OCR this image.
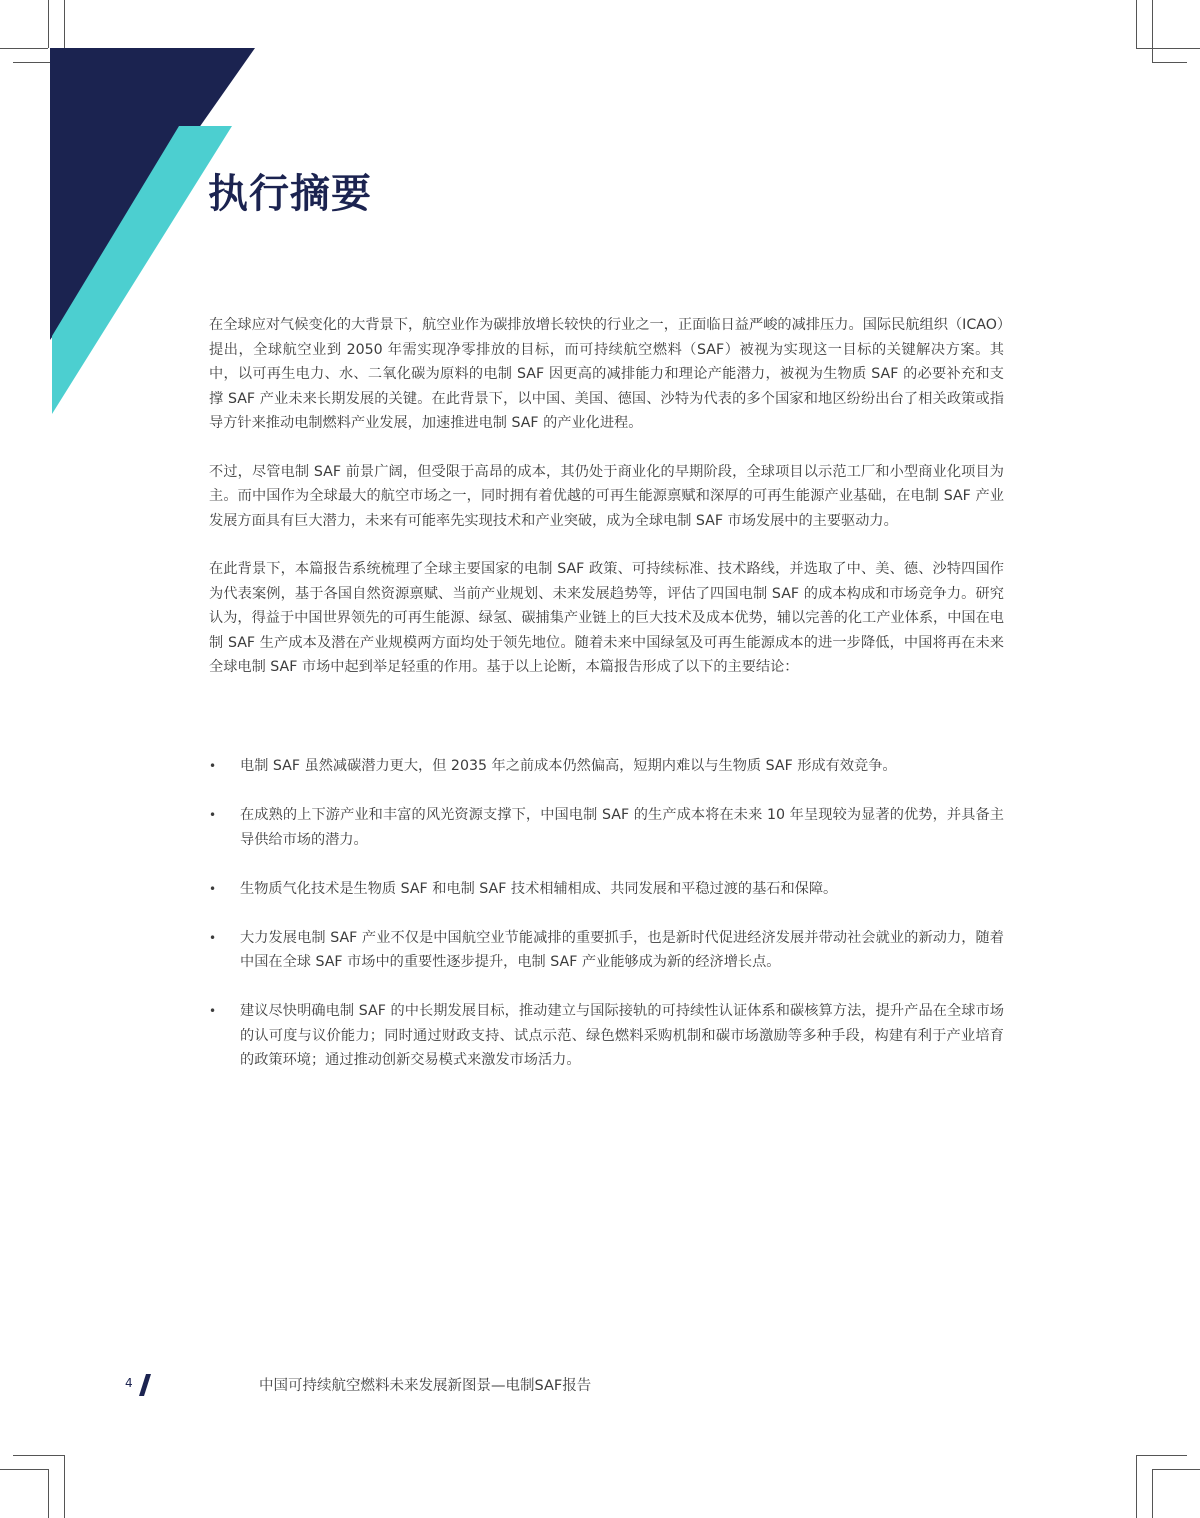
执行摘要

在全球应对气候变化的大背景下，航空业作为碳排放增长较快的行业之一，正面临日益严峻的减排压力。国际民航组织（ICAO）提出，全球航空业到 2050 年需实现净零排放的目标，而可持续航空燃料（SAF）被视为实现这一目标的关键解决方案。其中，以可再生电力、水、二氧化碳为原料的电制 SAF 因更高的减排能力和理论产能潜力，被视为生物质 SAF 的必要补充和支撑 SAF 产业未来长期发展的关键。在此背景下，以中国、美国、德国、沙特为代表的多个国家和地区纷纷出台了相关政策或指导方针来推动电制燃料产业发展，加速推进电制 SAF 的产业化进程。

不过，尽管电制 SAF 前景广阔，但受限于高昂的成本，其仍处于商业化的早期阶段，全球项目以示范工厂和小型商业化项目为主。而中国作为全球最大的航空市场之一，同时拥有着优越的可再生能源禀赋和深厚的可再生能源产业基础，在电制 SAF 产业发展方面具有巨大潜力，未来有可能率先实现技术和产业突破，成为全球电制 SAF 市场发展中的主要驱动力。

在此背景下，本篇报告系统梳理了全球主要国家的电制 SAF 政策、可持续标准、技术路线，并选取了中、美、德、沙特四国作为代表案例，基于各国自然资源禀赋、当前产业规划、未来发展趋势等，评估了四国电制 SAF 的成本构成和市场竞争力。研究认为，得益于中国世界领先的可再生能源、绿氢、碳捕集产业链上的巨大技术及成本优势，辅以完善的化工产业体系，中国在电制 SAF 生产成本及潜在产业规模两方面均处于领先地位。随着未来中国绿氢及可再生能源成本的进一步降低，中国将再在未来全球电制 SAF 市场中起到举足轻重的作用。基于以上论断，本篇报告形成了以下的主要结论：

• 电制 SAF 虽然减碳潜力更大，但 2035 年之前成本仍然偏高，短期内难以与生物质 SAF 形成有效竞争。
• 在成熟的上下游产业和丰富的风光资源支撑下，中国电制 SAF 的生产成本将在未来 10 年呈现较为显著的优势，并具备主导供给市场的潜力。
• 生物质气化技术是生物质 SAF 和电制 SAF 技术相辅相成、共同发展和平稳过渡的基石和保障。
• 大力发展电制 SAF 产业不仅是中国航空业节能减排的重要抓手，也是新时代促进经济发展并带动社会就业的新动力，随着中国在全球 SAF 市场中的重要性逐步提升，电制 SAF 产业能够成为新的经济增长点。
• 建议尽快明确电制 SAF 的中长期发展目标，推动建立与国际接轨的可持续性认证体系和碳核算方法，提升产品在全球市场的认可度与议价能力；同时通过财政支持、试点示范、绿色燃料采购机制和碳市场激励等多种手段，构建有利于产业培育的政策环境；通过推动创新交易模式来激发市场活力。
4	中国可持续航空燃料未来发展新图景—电制SAF报告
